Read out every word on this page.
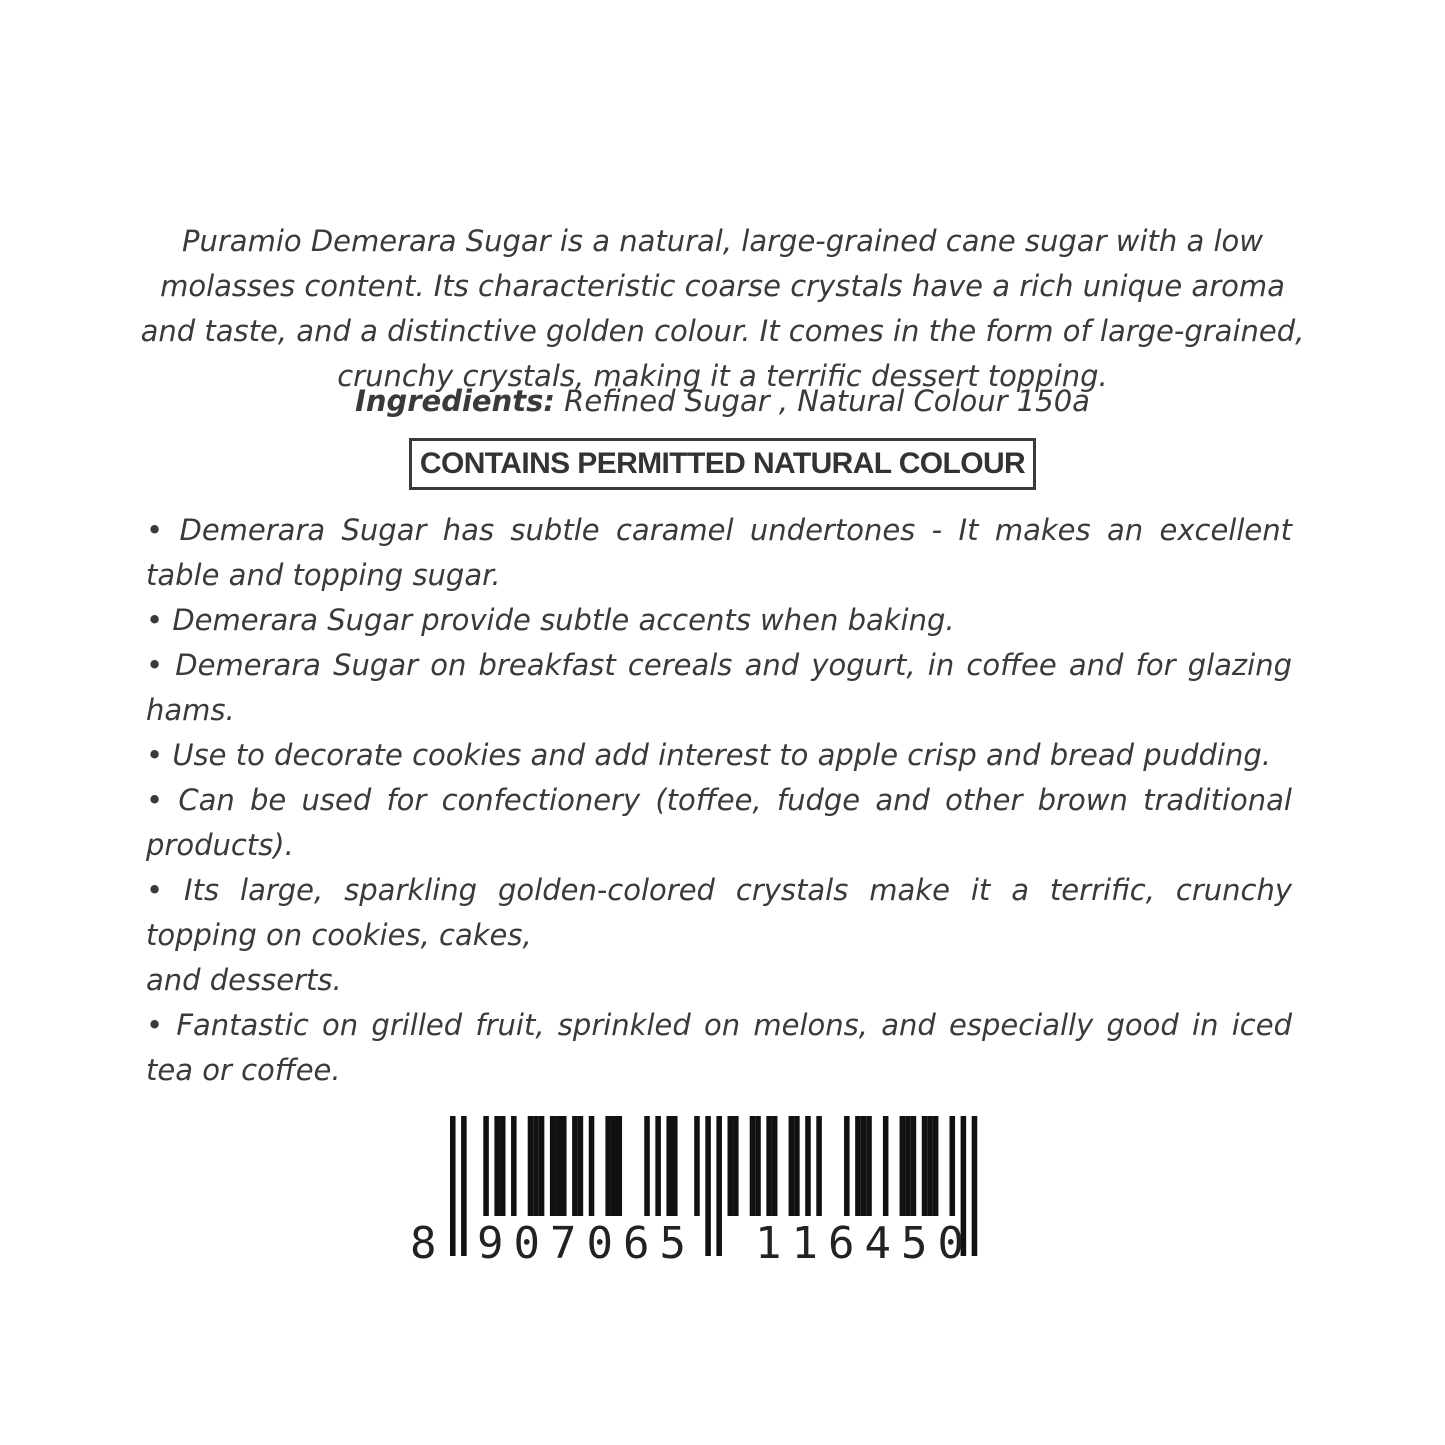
Puramio Demerara Sugar is a natural, large-grained cane sugar with a low molasses content. Its characteristic coarse crystals have a rich unique aroma and taste, and a distinctive golden colour. It comes in the form of large-grained, crunchy crystals, making it a terrific dessert topping.

Ingredients: Refined Sugar , Natural Colour 150a
CONTAINS PERMITTED NATURAL COLOUR
• Demerara Sugar has subtle caramel undertones - It makes an excellent table and topping sugar.
• Demerara Sugar provide subtle accents when baking.
• Demerara Sugar on breakfast cereals and yogurt, in coffee and for glazing hams.
• Use to decorate cookies and add interest to apple crisp and bread pudding.
• Can be used for confectionery (toffee, fudge and other brown traditional products).
• Its large, sparkling golden-colored crystals make it a terrific, crunchy topping on cookies, cakes,
and desserts.
• Fantastic on grilled fruit, sprinkled on melons, and especially good in iced tea or coffee.
8 907065 116450
